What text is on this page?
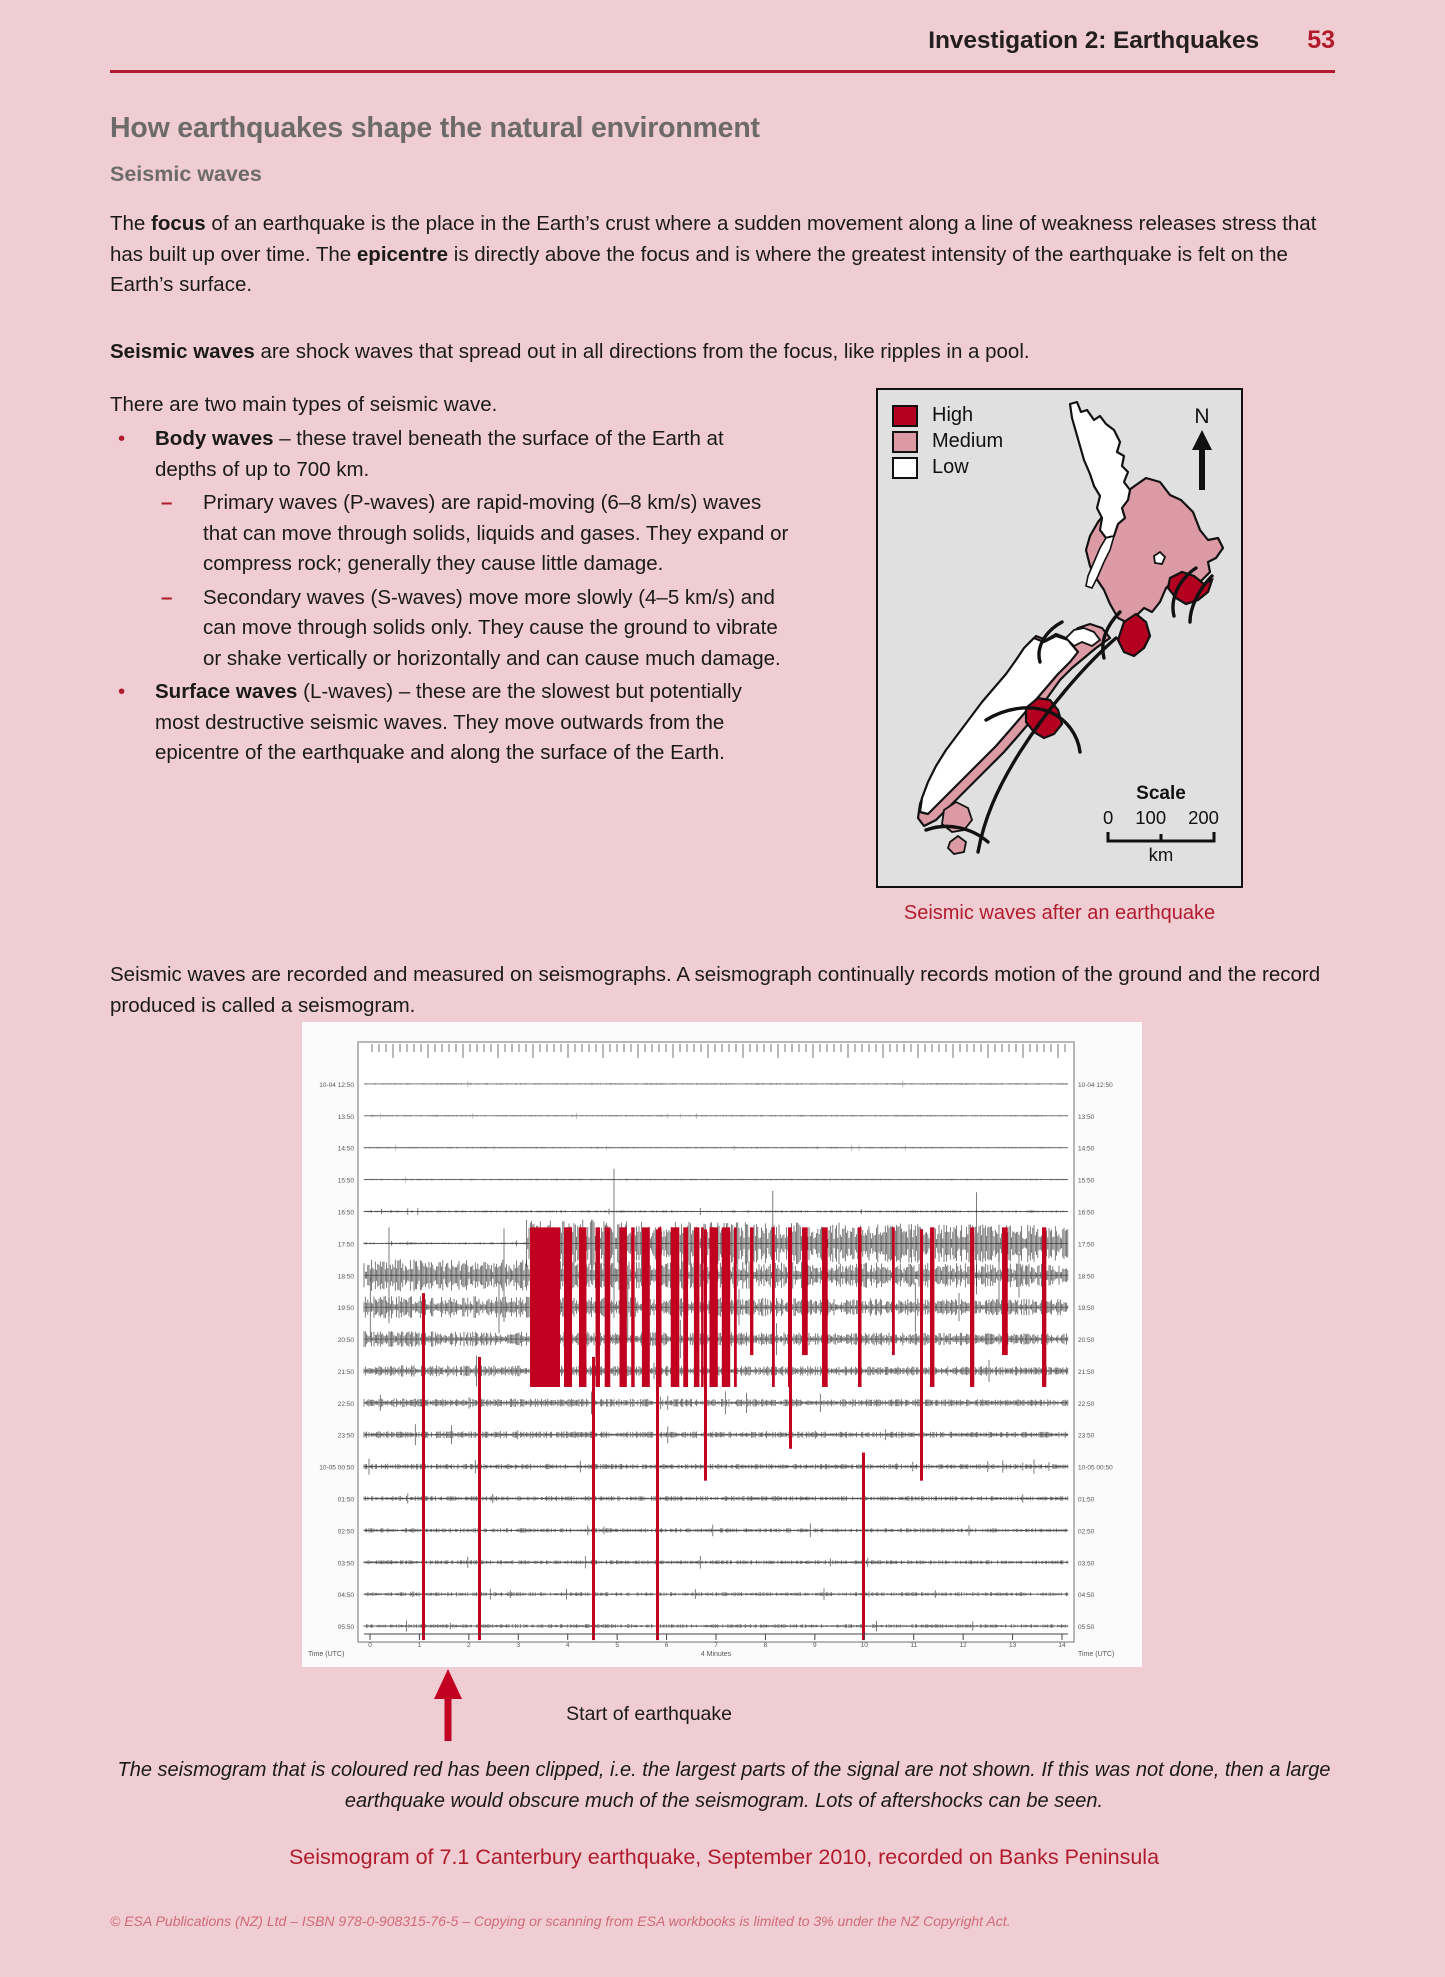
Investigation 2: Earthquakes 53
How earthquakes shape the natural environment
Seismic waves
The focus of an earthquake is the place in the Earth’s crust where a sudden movement along a line of weakness releases stress that has built up over time. The epicentre is directly above the focus and is where the greatest intensity of the earthquake is felt on the Earth’s surface.
Seismic waves are shock waves that spread out in all directions from the focus, like ripples in a pool.
There are two main types of seismic wave.
• Body waves – these travel beneath the surface of the Earth at depths of up to 700 km.
– Primary waves (P-waves) are rapid-moving (6–8 km/s) waves that can move through solids, liquids and gases. They expand or compress rock; generally they cause little damage.
– Secondary waves (S-waves) move more slowly (4–5 km/s) and can move through solids only. They cause the ground to vibrate or shake vertically or horizontally and can cause much damage.
• Surface waves (L-waves) – these are the slowest but potentially most destructive seismic waves. They move outwards from the epicentre of the earthquake and along the surface of the Earth.
Seismic waves are recorded and measured on seismographs. A seismograph continually records motion of the ground and the record produced is called a seismogram.
High
Medium
Low
N
Scale
0 100 200
km
Seismic waves after an earthquake
10-04 12:50
13:50
14:50
15:50
16:50
17:50
18:50
19:50
20:50
21:50
22:50
23:50
10-05 00:50
01:50
02:50
03:50
04:50
05:50
10-04 12:50
13:50
14:50
15:50
16:50
17:50
18:50
19:50
20:50
21:50
22:50
23:50
10-05 00:50
01:50
02:50
03:50
04:50
05:50
0	1	2	3	4	5	6	7	8	9	10	11	12	13	14
4 Minutes
Time (UTC)	Time (UTC)
Start of earthquake
The seismogram that is coloured red has been clipped, i.e. the largest parts of the signal are not shown. If this was not done, then a large earthquake would obscure much of the seismogram. Lots of aftershocks can be seen.
Seismogram of 7.1 Canterbury earthquake, September 2010, recorded on Banks Peninsula
© ESA Publications (NZ) Ltd – ISBN 978-0-908315-76-5 – Copying or scanning from ESA workbooks is limited to 3% under the NZ Copyright Act.
